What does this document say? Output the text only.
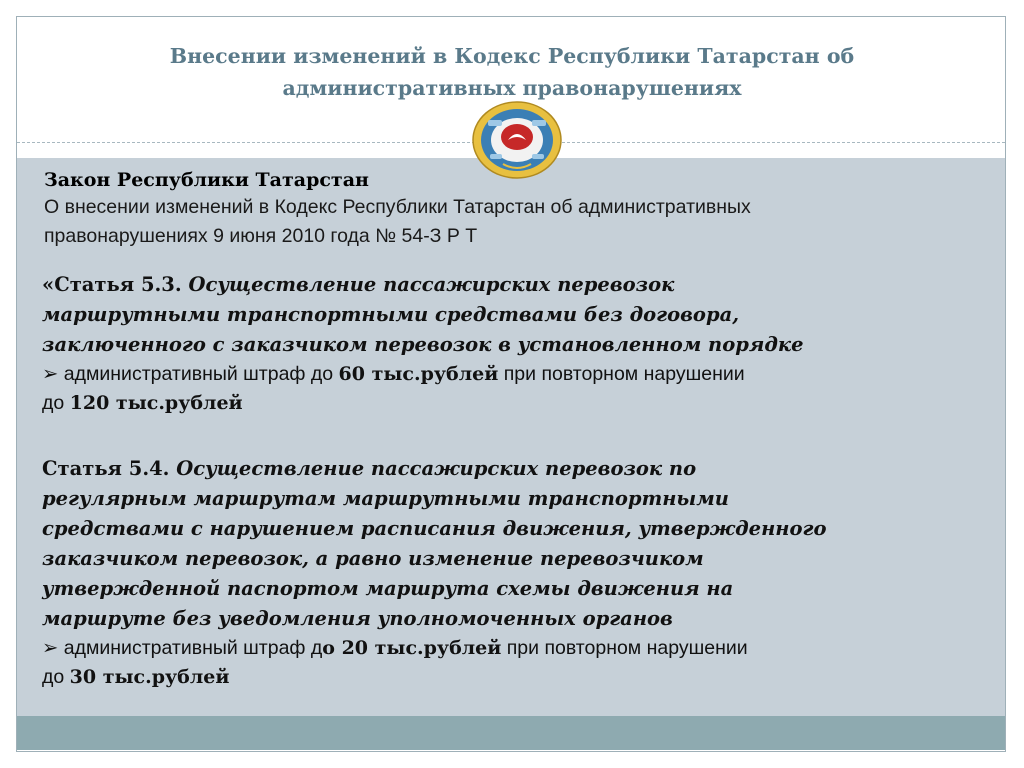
Внесении изменений в Кодекс Республики Татарстан об
административных правонарушениях
Закон Республики Татарстан
О внесении изменений в Кодекс Республики Татарстан об административных
правонарушениях 9 июня 2010 года № 54-З Р Т
«Статья 5.3. Осуществление пассажирских перевозок
маршрутными транспортными средствами без договора,
заключенного с заказчиком перевозок в установленном порядке
➢ административный штраф до 60 тыс.рублей при повторном нарушении
до 120 тыс.рублей
Статья 5.4. Осуществление пассажирских перевозок по
регулярным маршрутам маршрутными транспортными
средствами с нарушением расписания движения, утвержденного
заказчиком перевозок, а равно изменение перевозчиком
утвержденной паспортом маршрута схемы движения на
маршруте без уведомления уполномоченных органов
➢ административный штраф до 20 тыс.рублей при повторном нарушении
до 30 тыс.рублей
